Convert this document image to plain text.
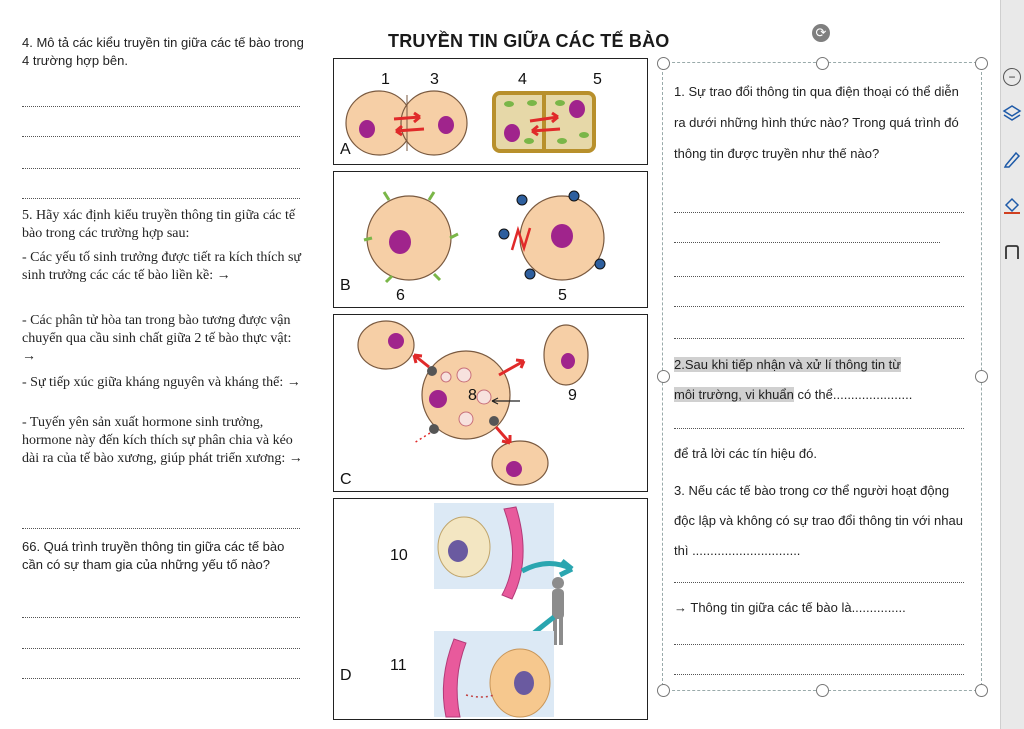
TRUYỀN TIN GIỮA CÁC TẾ BÀO
4. Mô tả các kiểu truyền tin giữa các tế bào trong 4 trường hợp bên.
5. Hãy xác định kiểu truyền thông tin giữa các tế bào trong các trường hợp sau:
- Các yếu tố sinh trưởng được tiết ra kích thích sự sinh trưởng các các tế bào liền kề: →
- Các phân tử hòa tan trong bào tương được vận chuyển qua cầu sinh chất giữa 2 tế bào thực vật: →
- Sự tiếp xúc giữa kháng nguyên và kháng thể: →
- Tuyến yên sản xuất hormone sinh trưởng, hormone này đến kích thích sự phân chia và kéo dài ra của tế bào xương, giúp phát triển xương: →
66. Quá trình truyền thông tin giữa các tế bào cần có sự tham gia của những yếu tố nào?
1	3	4	5
A
6	5
B
8	9
C
10
11
D
⟳
1. Sự trao đổi thông tin qua điện thoại có thể diễn ra dưới những hình thức nào? Trong quá trình đó thông tin được truyền như thế nào?
2.Sau khi tiếp nhận và xử lí thông tin từ
môi trường, vi khuẩn có thể......................
để trả lời các tín hiệu đó.
3. Nếu các tế bào trong cơ thể người hoạt động độc lập và không có sự trao đổi thông tin với nhau thì ..............................
→ Thông tin giữa các tế bào là...............
−
